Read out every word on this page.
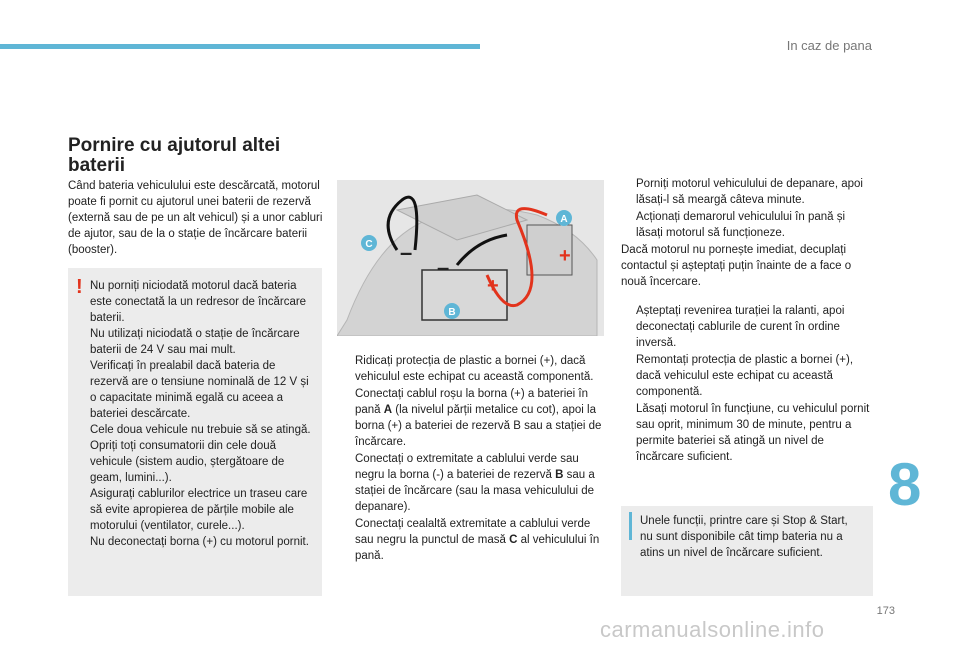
In caz de pana
Pornire cu ajutorul altei baterii

Când bateria vehiculului este descărcată, motorul poate fi pornit cu ajutorul unei baterii de rezervă (externă sau de pe un alt vehicul) și a unor cabluri de ajutor, sau de la o stație de încărcare baterii (booster).

! Nu porniți niciodată motorul dacă bateria este conectată la un redresor de încărcare baterii.
Nu utilizați niciodată o stație de încărcare baterii de 24 V sau mai mult.
Verificați în prealabil dacă bateria de rezervă are o tensiune nominală de 12 V și o capacitate minimă egală cu aceea a bateriei descărcate.
Cele doua vehicule nu trebuie să se atingă.
Opriți toți consumatorii din cele două vehicule (sistem audio, ștergătoare de geam, lumini...).
Asigurați cablurilor electrice un traseu care să evite apropierea de părțile mobile ale motorului (ventilator, curele...).
Nu deconectați borna (+) cu motorul pornit.

C
A
B
–
–
+
+
Ridicați protecția de plastic a bornei (+), dacă vehiculul este echipat cu această componentă.
Conectați cablul roșu la borna (+) a bateriei în pană A (la nivelul părții metalice cu cot), apoi la borna (+) a bateriei de rezervă B sau a stației de încărcare.
Conectați o extremitate a cablului verde sau negru la borna (-) a bateriei de rezervă B sau a stației de încărcare (sau la masa vehiculului de depanare).
Conectați cealaltă extremitate a cablului verde sau negru la punctul de masă C al vehiculului în pană.
Porniți motorul vehiculului de depanare, apoi lăsați-l să meargă câteva minute.
Acționați demarorul vehiculului în pană și lăsați motorul să funcționeze.

Dacă motorul nu pornește imediat, decuplați contactul și așteptați puțin înainte de a face o nouă încercare.

Așteptați revenirea turației la ralanti, apoi deconectați cablurile de curent în ordine inversă.
Remontați protecția de plastic a bornei (+), dacă vehiculul este echipat cu această componentă.
Lăsați motorul în funcțiune, cu vehiculul pornit sau oprit, minimum 30 de minute, pentru a permite bateriei să atingă un nivel de încărcare suficient.

Unele funcții, printre care și Stop & Start, nu sunt disponibile cât timp bateria nu a atins un nivel de încărcare suficient.

8
173
carmanualsonline.info
